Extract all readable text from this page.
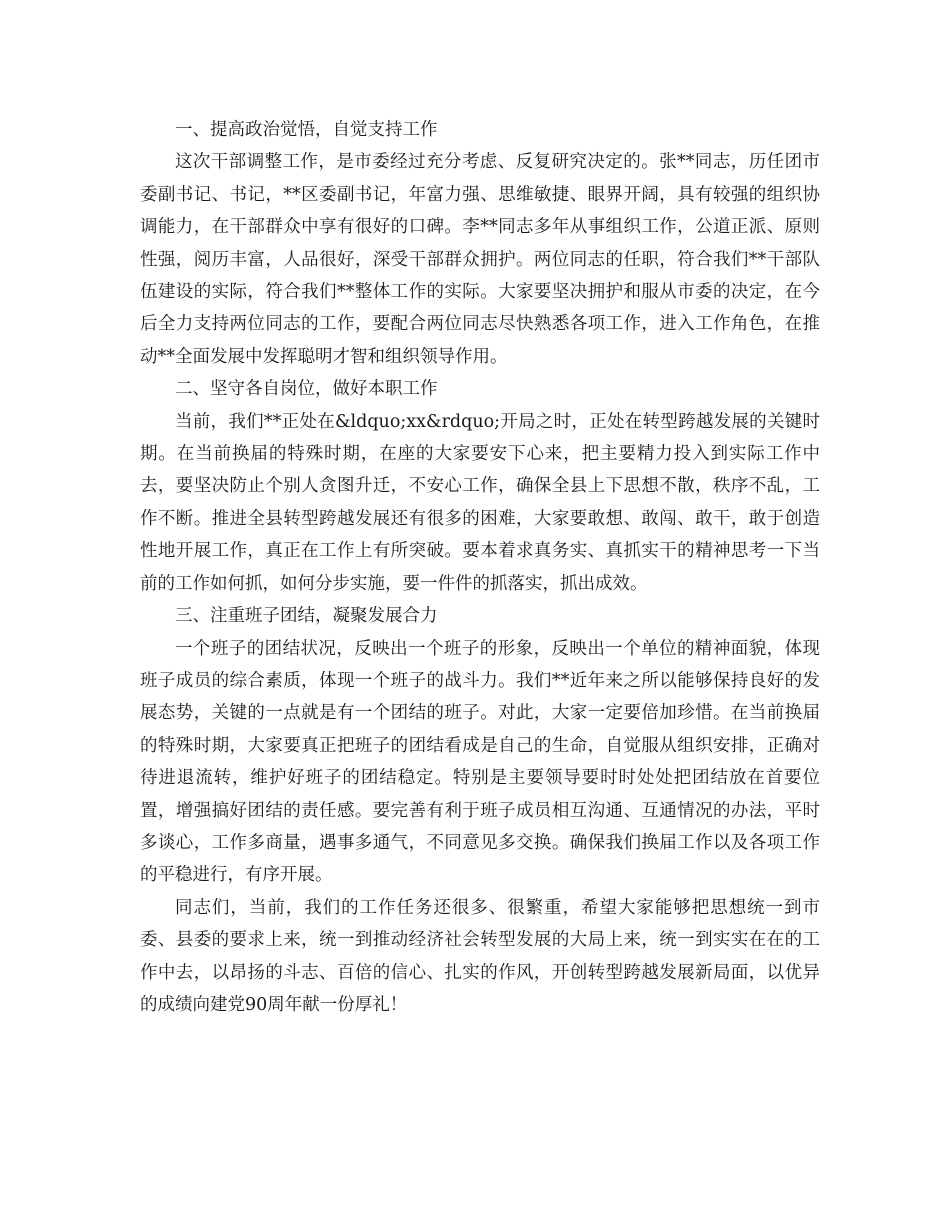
一、提高政治觉悟，自觉支持工作

这次干部调整工作，是市委经过充分考虑、反复研究决定的。张**同志，历任团市委副书记、书记，**区委副书记，年富力强、思维敏捷、眼界开阔，具有较强的组织协调能力，在干部群众中享有很好的口碑。李**同志多年从事组织工作，公道正派、原则性强，阅历丰富，人品很好，深受干部群众拥护。两位同志的任职，符合我们**干部队伍建设的实际，符合我们**整体工作的实际。大家要坚决拥护和服从市委的决定，在今后全力支持两位同志的工作，要配合两位同志尽快熟悉各项工作，进入工作角色，在推动**全面发展中发挥聪明才智和组织领导作用。

二、坚守各自岗位，做好本职工作

当前，我们**正处在&ldquo;xx&rdquo;开局之时，正处在转型跨越发展的关键时期。在当前换届的特殊时期，在座的大家要安下心来，把主要精力投入到实际工作中去，要坚决防止个别人贪图升迁，不安心工作，确保全县上下思想不散，秩序不乱，工作不断。推进全县转型跨越发展还有很多的困难，大家要敢想、敢闯、敢干，敢于创造性地开展工作，真正在工作上有所突破。要本着求真务实、真抓实干的精神思考一下当前的工作如何抓，如何分步实施，要一件件的抓落实，抓出成效。

三、注重班子团结，凝聚发展合力

一个班子的团结状况，反映出一个班子的形象，反映出一个单位的精神面貌，体现班子成员的综合素质，体现一个班子的战斗力。我们**近年来之所以能够保持良好的发展态势，关键的一点就是有一个团结的班子。对此，大家一定要倍加珍惜。在当前换届的特殊时期，大家要真正把班子的团结看成是自己的生命，自觉服从组织安排，正确对待进退流转，维护好班子的团结稳定。特别是主要领导要时时处处把团结放在首要位置，增强搞好团结的责任感。要完善有利于班子成员相互沟通、互通情况的办法，平时多谈心，工作多商量，遇事多通气，不同意见多交换。确保我们换届工作以及各项工作的平稳进行，有序开展。

同志们，当前，我们的工作任务还很多、很繁重，希望大家能够把思想统一到市委、县委的要求上来，统一到推动经济社会转型发展的大局上来，统一到实实在在的工作中去，以昂扬的斗志、百倍的信心、扎实的作风，开创转型跨越发展新局面，以优异的成绩向建党90周年献一份厚礼！
